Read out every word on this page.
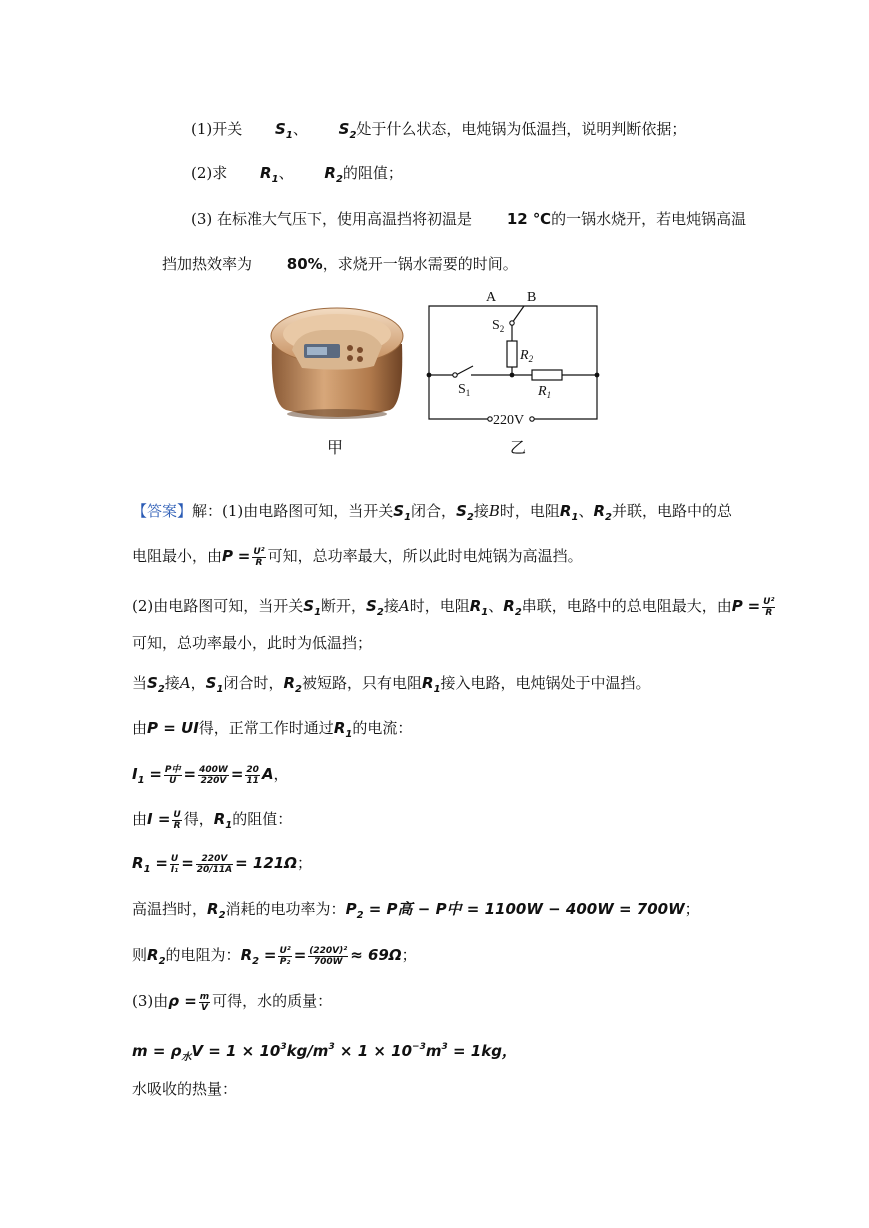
(1)开关 $S_1$、 $S_2$处于什么状态，电炖锅为低温挡，说明判断依据；
(2)求 $R_1$、 $R_2$的阻值；
(3) 在标准大气压下，使用高温挡将初温是 12 ℃的一锅水烧开，若电炖锅高温
挡加热效率为 80%，求烧开一锅水需要的时间。
甲
A B
$S_2$
$R_2$
$S_1$	$R_1$
220V
乙
【答案】解：(1)由电路图可知，当开关$S_1$闭合，$S_2$接B时，电阻$R_1$、$R_2$并联，电路中的总
电阻最小，由$P = \frac{\text{U²}}{R}$ 可知，总功率最大，所以此时电炖锅为高温挡。
(2)由电路图可知，当开关$S_1$断开，$S_2$接A时，电阻$R_1$、$R_2$串联，电路中的总电阻最大，由$P = \frac{\text{U²}}{R}$
可知，总功率最小，此时为低温挡；
当$S_2$接A，$S_1$闭合时，$R_2$被短路，只有电阻$R_1$接入电路，电炖锅处于中温挡。
由P = UI得，正常工作时通过$R_1$的电流：
$I_1 = \frac{\text{P中}}{U} = \frac{400W}{220V} = \frac{20}{11}$ A，
由$I = \frac{U}{R}$ 得，$R_1$的阻值：
$R_1 = \frac{U}{\text{I₁}} = \frac{220V}{20/11A} = 121\Omega$；
高温挡时，$R_2$消耗的电功率为：$P_2 = P$高 − P中 = 1100W − 400W = 700W；
则$R_2$的电阻为：$R_2 = \frac{\text{U²}}{\text{P₂}} = \frac{\text{(220V)²}}{700W} \approx 69\Omega$；
(3)由$\rho = \frac{m}{V}$ 可得，水的质量：
$m = \rho_水V = 1 \times 10^3kg/m^3 \times 1 \times 10^{-3}m^3 = 1kg$，
水吸收的热量：
